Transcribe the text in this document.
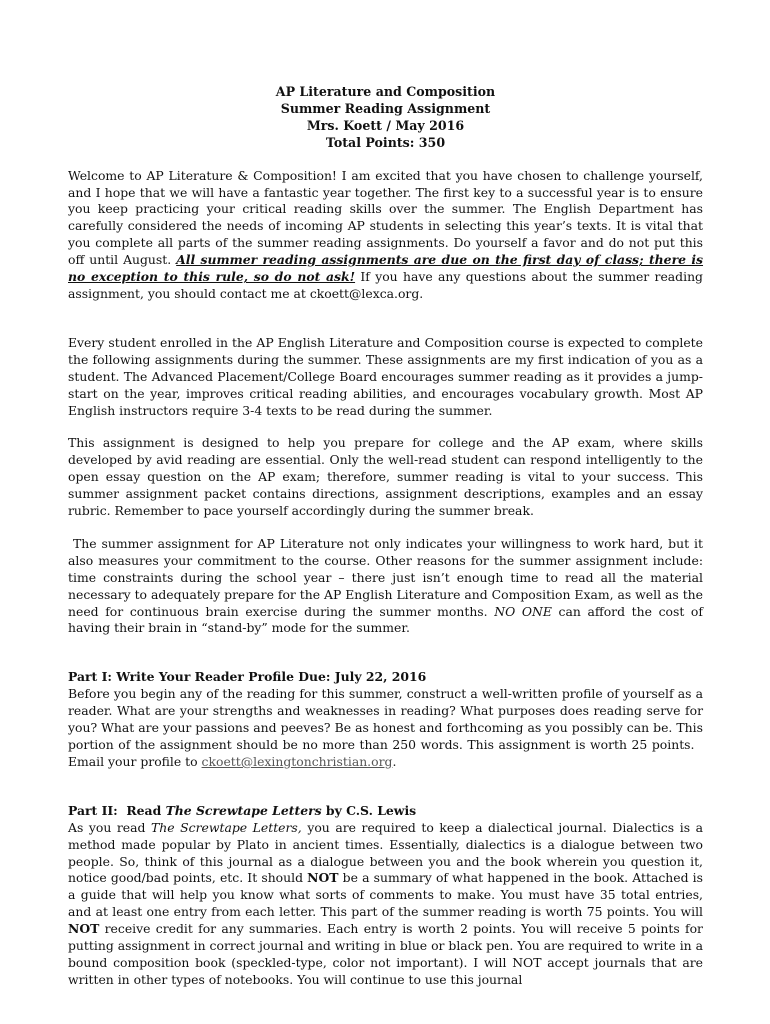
AP Literature and Composition
Summer Reading Assignment
Mrs. Koett / May 2016
Total Points: 350

Welcome to AP Literature & Composition! I am excited that you have chosen to challenge yourself, and I hope that we will have a fantastic year together. The first key to a successful year is to ensure you keep practicing your critical reading skills over the summer. The English Department has carefully considered the needs of incoming AP students in selecting this year’s texts. It is vital that you complete all parts of the summer reading assignments. Do yourself a favor and do not put this off until August. All summer reading assignments are due on the first day of class; there is no exception to this rule, so do not ask! If you have any questions about the summer reading assignment, you should contact me at ckoett@lexca.org.

Every student enrolled in the AP English Literature and Composition course is expected to complete the following assignments during the summer. These assignments are my first indication of you as a student. The Advanced Placement/College Board encourages summer reading as it provides a jump-start on the year, improves critical reading abilities, and encourages vocabulary growth. Most AP English instructors require 3-4 texts to be read during the summer.

This assignment is designed to help you prepare for college and the AP exam, where skills developed by avid reading are essential. Only the well-read student can respond intelligently to the open essay question on the AP exam; therefore, summer reading is vital to your success. This summer assignment packet contains directions, assignment descriptions, examples and an essay rubric. Remember to pace yourself accordingly during the summer break.

The summer assignment for AP Literature not only indicates your willingness to work hard, but it also measures your commitment to the course. Other reasons for the summer assignment include: time constraints during the school year – there just isn’t enough time to read all the material necessary to adequately prepare for the AP English Literature and Composition Exam, as well as the need for continuous brain exercise during the summer months. NO ONE can afford the cost of having their brain in “stand-by” mode for the summer.

Part I: Write Your Reader Profile Due: July 22, 2016

Before you begin any of the reading for this summer, construct a well-written profile of yourself as a reader. What are your strengths and weaknesses in reading? What purposes does reading serve for you? What are your passions and peeves? Be as honest and forthcoming as you possibly can be. This portion of the assignment should be no more than 250 words. This assignment is worth 25 points.   Email your profile to ckoett@lexingtonchristian.org.

Part II:  Read The Screwtape Letters by C.S. Lewis

As you read The Screwtape Letters, you are required to keep a dialectical journal. Dialectics is a method made popular by Plato in ancient times. Essentially, dialectics is a dialogue between two people. So, think of this journal as a dialogue between you and the book wherein you question it, notice good/bad points, etc. It should NOT be a summary of what happened in the book. Attached is a guide that will help you know what sorts of comments to make. You must have 35 total entries, and at least one entry from each letter. This part of the summer reading is worth 75 points. You will NOT receive credit for any summaries. Each entry is worth 2 points. You will receive 5 points for putting assignment in correct journal and writing in blue or black pen. You are required to write in a bound composition book (speckled-type, color not important). I will NOT accept journals that are written in other types of notebooks. You will continue to use this journal
